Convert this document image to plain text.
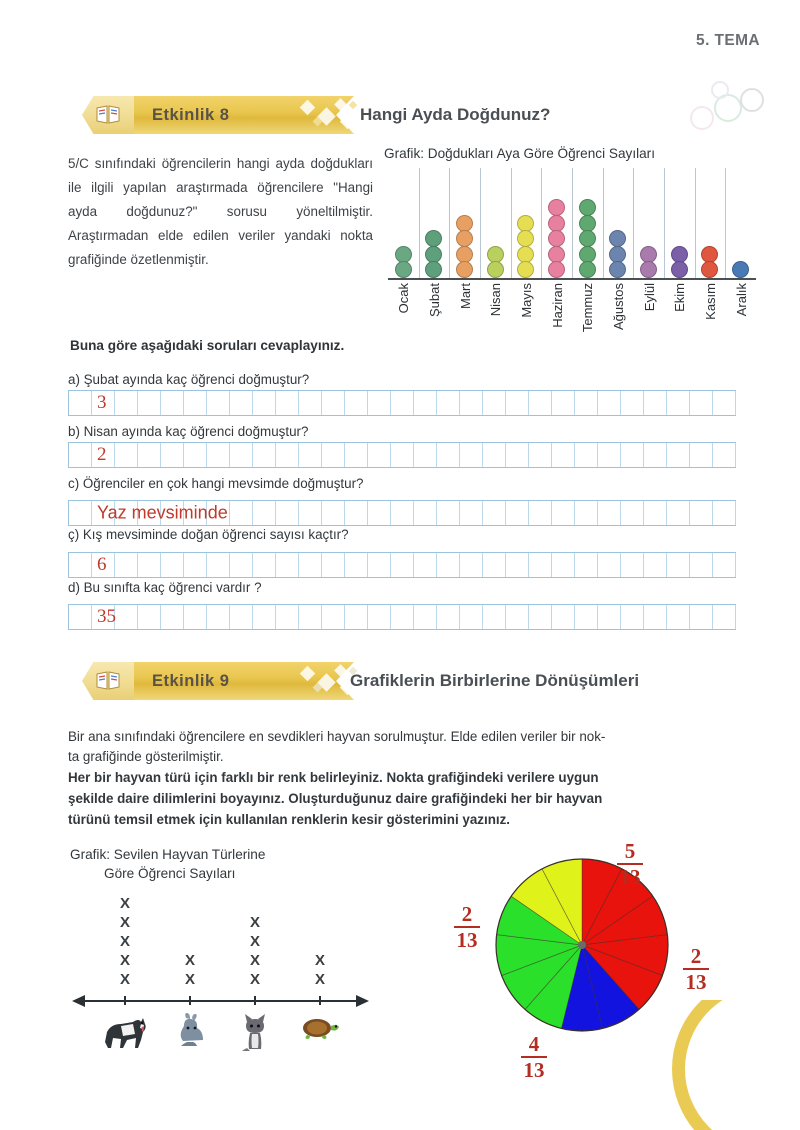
5. TEMA
Etkinlik 8	Hangi Ayda Doğdunuz?
5/C sınıfındaki öğrencilerin hangi ayda doğdukları ile ilgili yapılan araştırmada öğrencilere "Hangi ayda doğdunuz?" sorusu yöneltilmiştir. Araştırmadan elde edilen veriler yandaki nokta grafiğinde özetlenmiştir.
Grafik: Doğdukları Aya Göre Öğrenci Sayıları
Ocak Şubat Mart Nisan Mayıs Haziran Temmuz Ağustos Eylül Ekim Kasım Aralık
Buna göre aşağıdaki soruları cevaplayınız.
a) Şubat ayında kaç öğrenci doğmuştur?
3
b) Nisan ayında kaç öğrenci doğmuştur?
2
c) Öğrenciler en çok hangi mevsimde doğmuştur?
Yaz mevsiminde
ç) Kış mevsiminde doğan öğrenci sayısı kaçtır?
6
d) Bu sınıfta kaç öğrenci vardır ?
35
Etkinlik 9	Grafiklerin Birbirlerine Dönüşümleri
Bir ana sınıfındaki öğrencilere en sevdikleri hayvan sorulmuştur. Elde edilen veriler bir nok-
ta grafiğinde gösterilmiştir.
Her bir hayvan türü için farklı bir renk belirleyiniz. Nokta grafiğindeki verilere uygun
şekilde daire dilimlerini boyayınız. Oluşturduğunuz daire grafiğindeki her bir hayvan
türünü temsil etmek için kullanılan renklerin kesir gösterimini yazınız.
Grafik: Sevilen Hayvan Türlerine
Göre Öğrenci Sayıları
X
X
X
X
X
X
X
X
X
X
X
X
X
5
13
2
13
4
13
2
13
